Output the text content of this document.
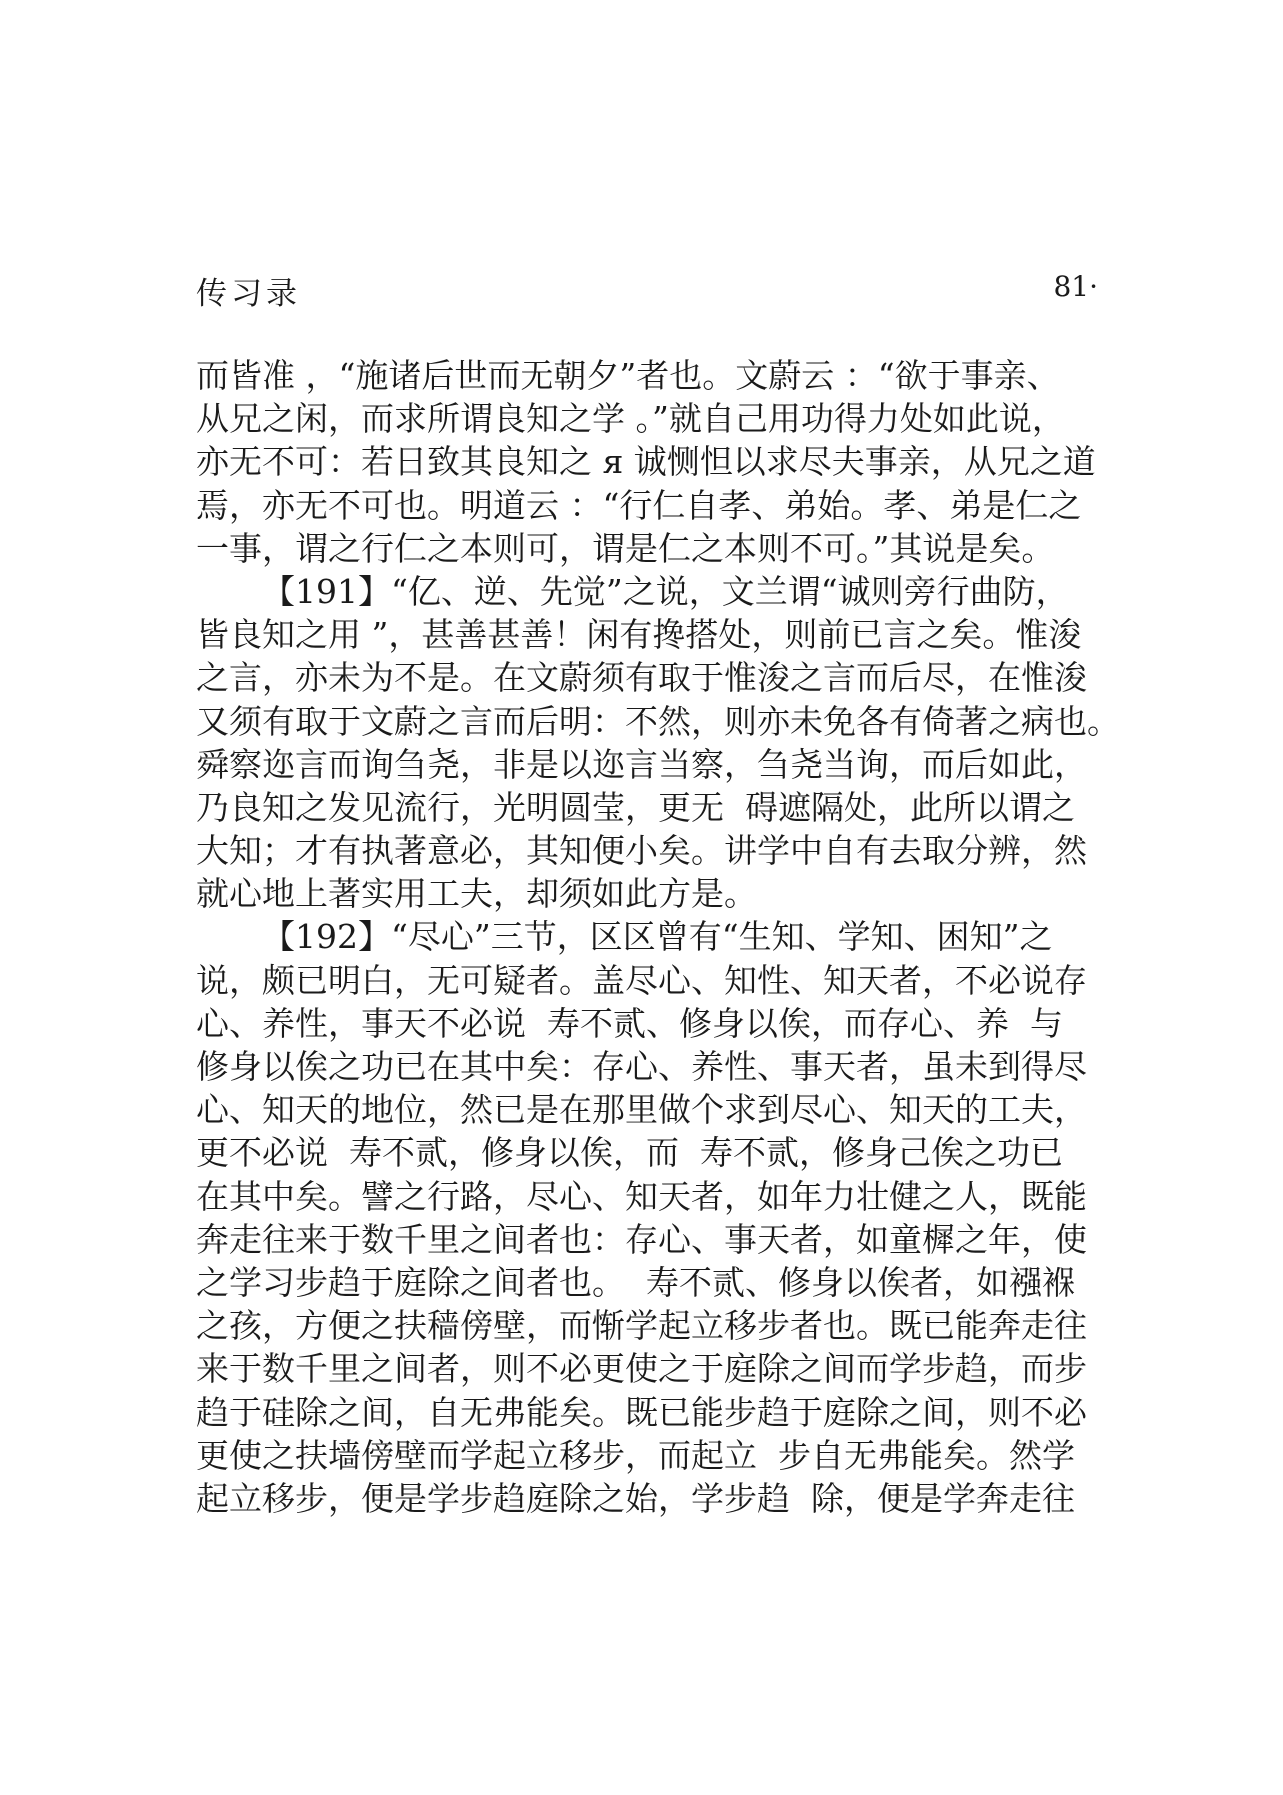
传习录	81·
而皆准 ，“施诸后世而无朝夕”者也。文蔚云 ：“欲于事亲、
从兄之闲，而求所谓良知之学 。”就自己用功得力处如此说，
亦无不可：若日致其良知之 я 诚恻怛以求尽夫事亲，从兄之道
焉，亦无不可也。明道云 ：“行仁自孝、弟始。孝、弟是仁之
一事，谓之行仁之本则可，谓是仁之本则不可。”其说是矣。
【191】“亿、逆、先觉”之说，文兰谓“诚则旁行曲防，
皆良知之用 ”，甚善甚善！闲有搀搭处，则前已言之矣。惟浚
之言，亦未为不是。在文蔚须有取于惟浚之言而后尽，在惟浚
又须有取于文蔚之言而后明：不然，则亦未免各有倚著之病也。
舜察迩言而询刍尧，非是以迩言当察，刍尧当询，而后如此，
乃良知之发见流行，光明圆莹，更无  碍遮隔处，此所以谓之
大知；才有执著意必，其知便小矣。讲学中自有去取分辨，然
就心地上著实用工夫，却须如此方是。
【192】“尽心”三节，区区曾有“生知、学知、困知”之
说，颇已明白，无可疑者。盖尽心、知性、知天者，不必说存
心、养性，事天不必说  寿不贰、修身以俟，而存心、养  与
修身以俟之功已在其中矣：存心、养性、事天者，虽未到得尽
心、知天的地位，然已是在那里做个求到尽心、知天的工夫，
更不必说  寿不贰，修身以俟，而  寿不贰，修身己俟之功已
在其中矣。譬之行路，尽心、知天者，如年力壮健之人，既能
奔走往来于数千里之间者也：存心、事天者，如童樨之年，使
之学习步趋于庭除之间者也。  寿不贰、修身以俟者，如襁褓
之孩，方便之扶穑傍壁，而惭学起立移步者也。既已能奔走往
来于数千里之间者，则不必更使之于庭除之间而学步趋，而步
趋于硅除之间，自无弗能矣。既已能步趋于庭除之间，则不必
更使之扶墙傍壁而学起立移步，而起立  步自无弗能矣。然学
起立移步，便是学步趋庭除之始，学步趋  除，便是学奔走往
